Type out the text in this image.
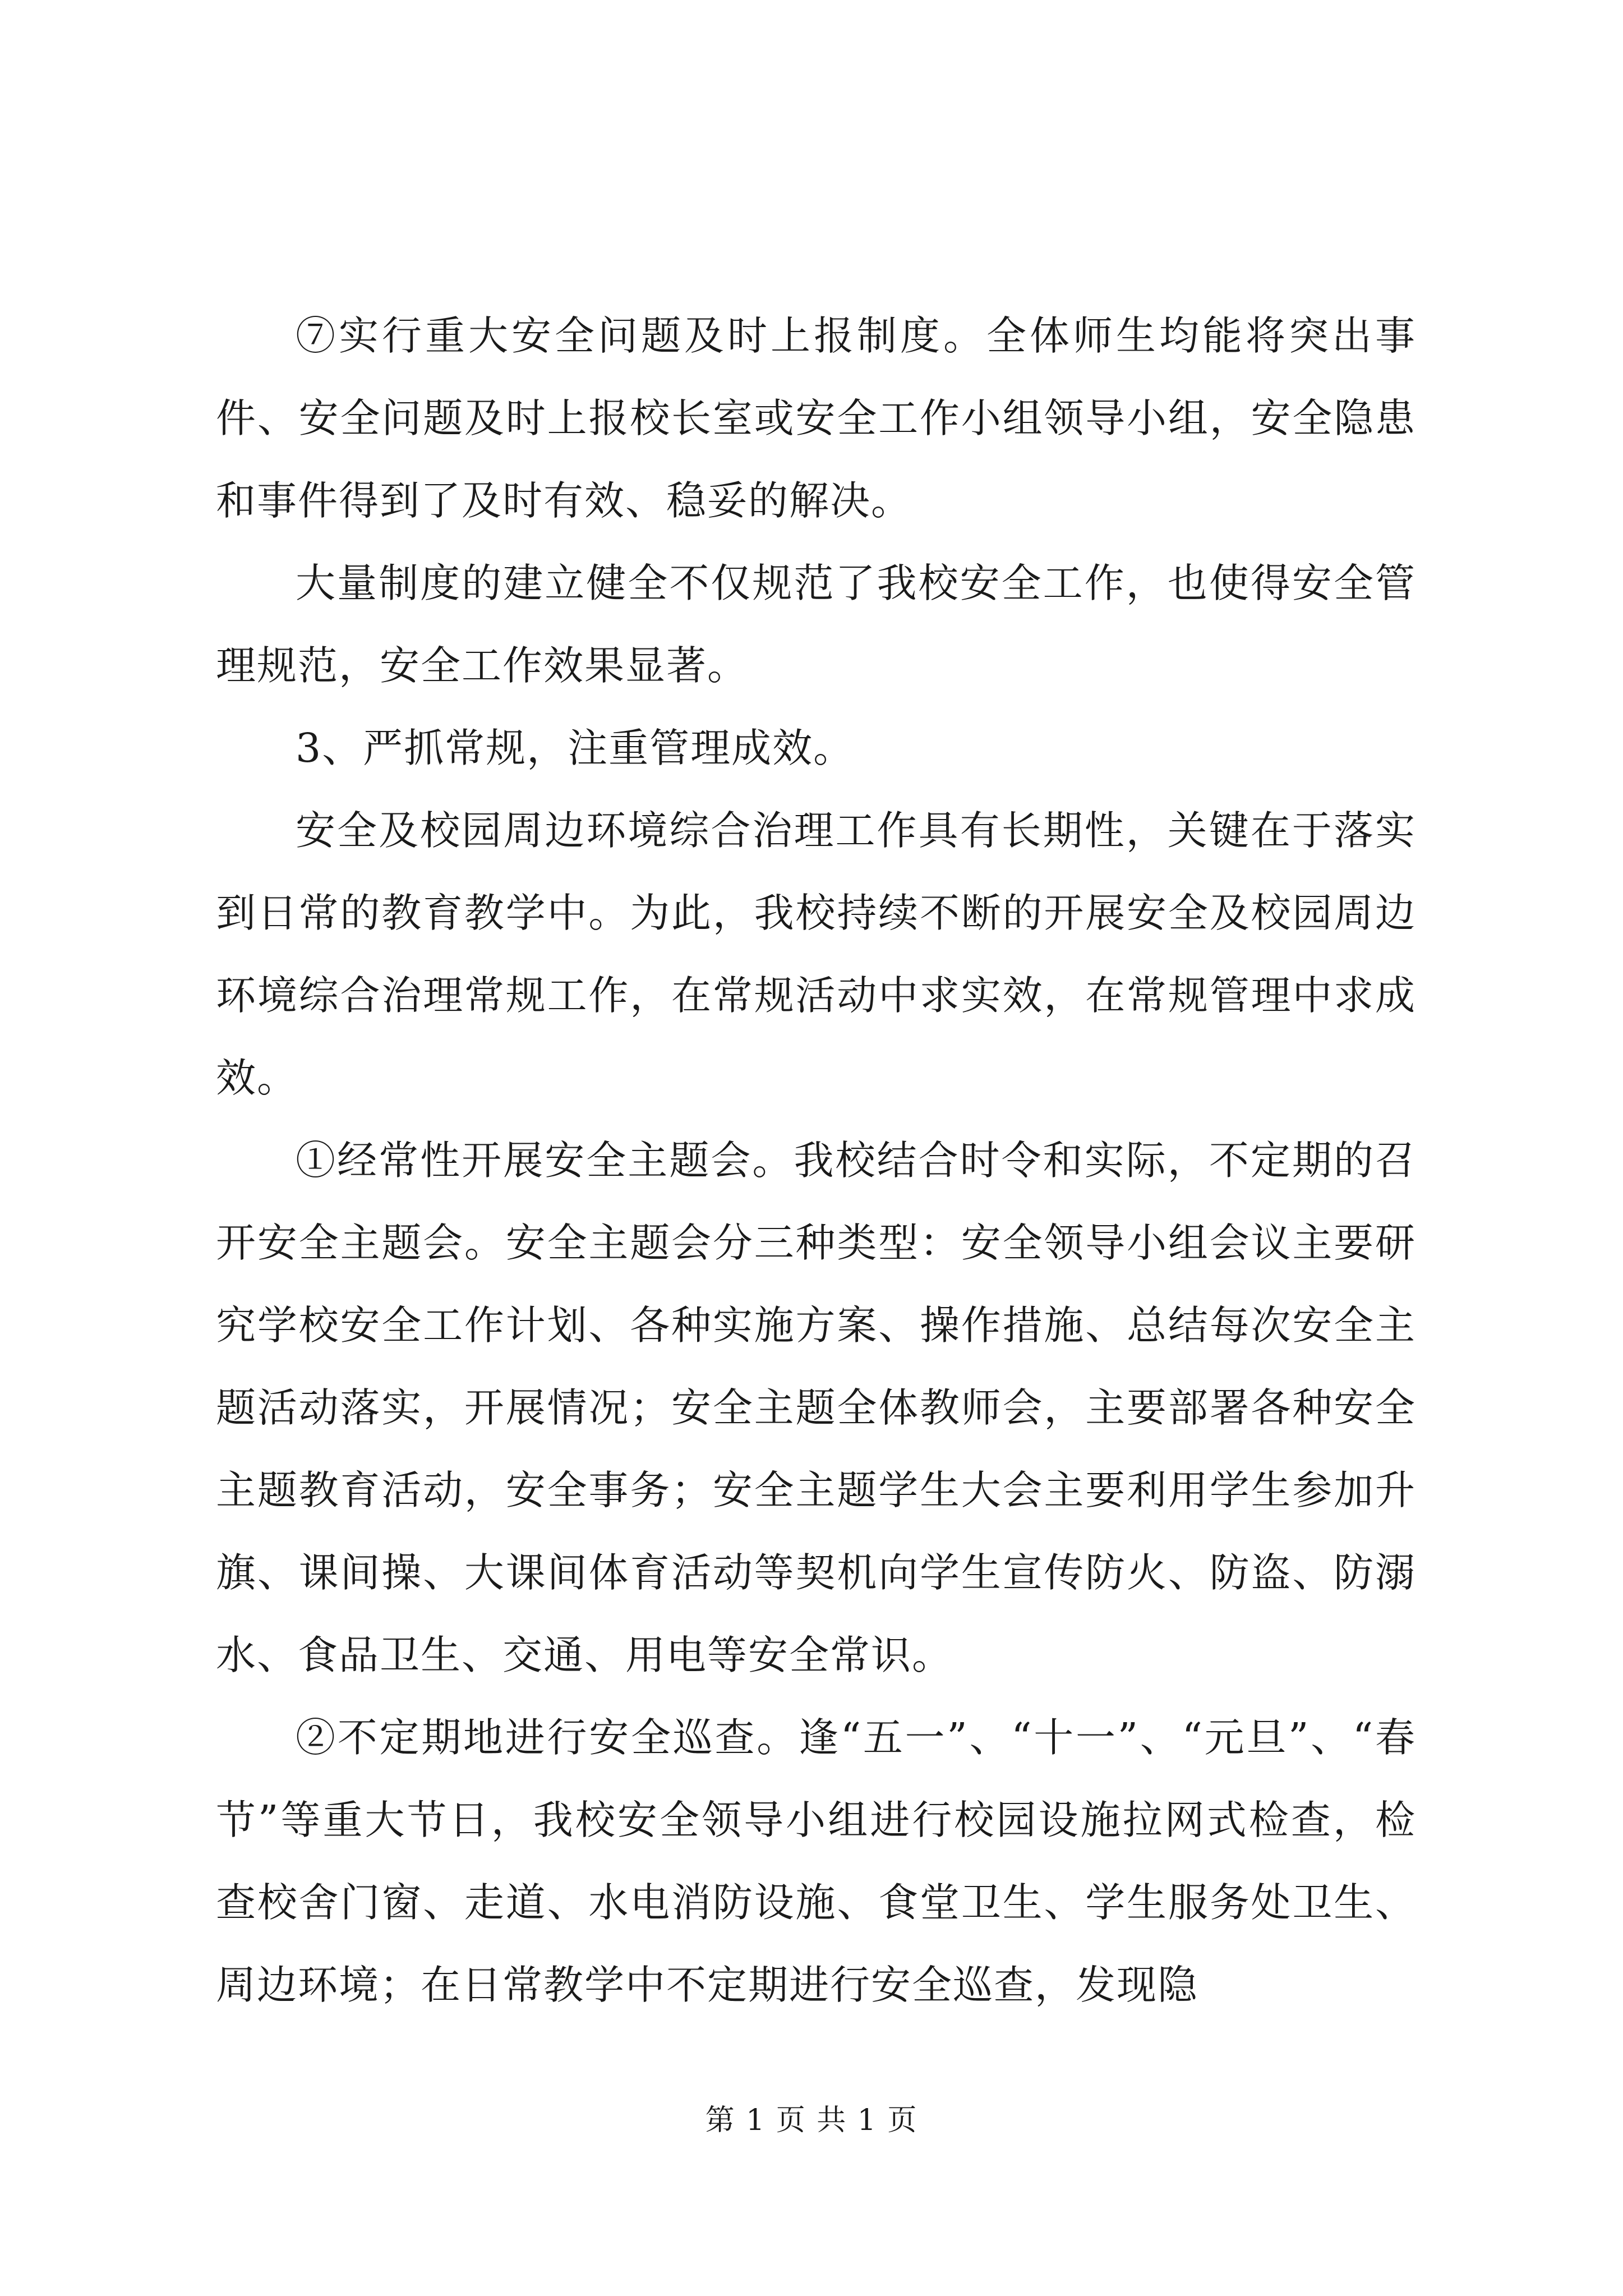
⑦实行重大安全问题及时上报制度。全体师生均能将突出事件、安全问题及时上报校长室或安全工作小组领导小组，安全隐患和事件得到了及时有效、稳妥的解决。

大量制度的建立健全不仅规范了我校安全工作，也使得安全管理规范，安全工作效果显著。

3、严抓常规，注重管理成效。

安全及校园周边环境综合治理工作具有长期性，关键在于落实到日常的教育教学中。为此，我校持续不断的开展安全及校园周边环境综合治理常规工作，在常规活动中求实效，在常规管理中求成效。

①经常性开展安全主题会。我校结合时令和实际，不定期的召开安全主题会。安全主题会分三种类型：安全领导小组会议主要研究学校安全工作计划、各种实施方案、操作措施、总结每次安全主题活动落实，开展情况；安全主题全体教师会，主要部署各种安全主题教育活动，安全事务；安全主题学生大会主要利用学生参加升旗、课间操、大课间体育活动等契机向学生宣传防火、防盗、防溺水、食品卫生、交通、用电等安全常识。

②不定期地进行安全巡查。逢“五一”、“十一”、“元旦”、“春节”等重大节日，我校安全领导小组进行校园设施拉网式检查，检查校舍门窗、走道、水电消防设施、食堂卫生、学生服务处卫生、周边环境；在日常教学中不定期进行安全巡查，发现隐

第 1 页 共 1 页
